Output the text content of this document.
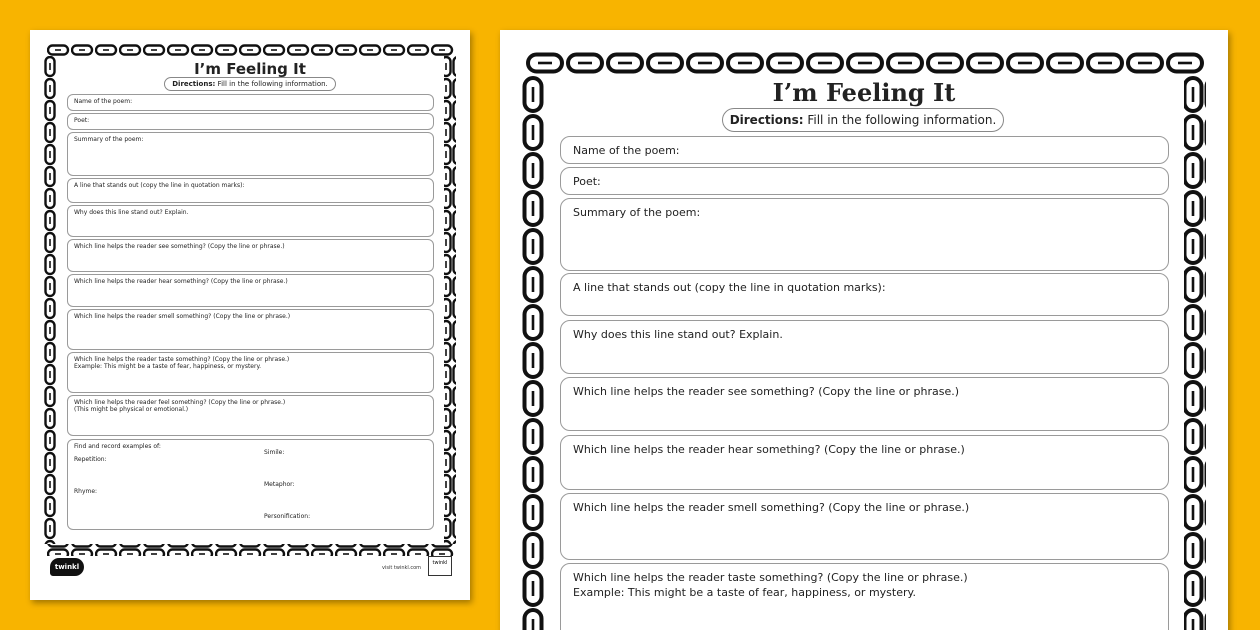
I’m Feeling It
Directions: Fill in the following information.
Name of the poem:
Poet:
Summary of the poem:
A line that stands out (copy the line in quotation marks):
Why does this line stand out? Explain.
Which line helps the reader see something? (Copy the line or phrase.)
Which line helps the reader hear something? (Copy the line or phrase.)
Which line helps the reader smell something? (Copy the line or phrase.)
Which line helps the reader taste something? (Copy the line or phrase.)
Example: This might be a taste of fear, happiness, or mystery.
Which line helps the reader feel something? (Copy the line or phrase.)
(This might be physical or emotional.)
Find and record examples of:
Repetition:
Simile:
Rhyme:
Metaphor:
Personification:
twinkl	visit twinkl.com
twinkl
I’m Feeling It
Directions: Fill in the following information.
Name of the poem:
Poet:
Summary of the poem:
A line that stands out (copy the line in quotation marks):
Why does this line stand out? Explain.
Which line helps the reader see something? (Copy the line or phrase.)
Which line helps the reader hear something? (Copy the line or phrase.)
Which line helps the reader smell something? (Copy the line or phrase.)
Which line helps the reader taste something? (Copy the line or phrase.)
Example: This might be a taste of fear, happiness, or mystery.
